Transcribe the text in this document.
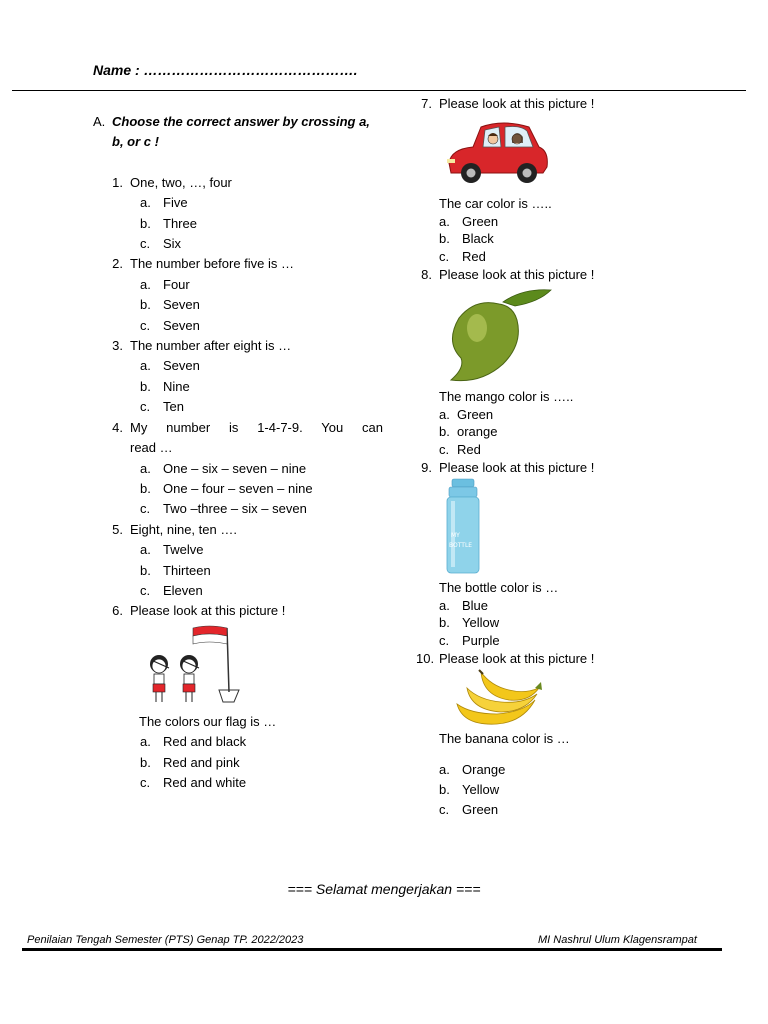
Name : ……………………………………….
A. Choose the correct answer by crossing a, b, or c !
1. One, two, …, four
a. Five
b. Three
c. Six
2. The number before five is …
a. Four
b. Seven
c. Seven
3. The number after eight is …
a. Seven
b. Nine
c. Ten
4. My number is 1-4-7-9. You can
read …
a. One – six – seven – nine
b. One – four – seven – nine
c. Two –three – six – seven
5. Eight, nine, ten ….
a. Twelve
b. Thirteen
c. Eleven
6. Please look at this picture !
The colors our flag is …
a. Red and black
b. Red and pink
c. Red and white
7. Please look at this picture !
The car color is …..
a. Green
b. Black
c. Red
8. Please look at this picture !
The mango color is …..
a. Green
b. orange
c. Red
9. Please look at this picture !
MY
BOTTLE
The bottle color is …
a. Blue
b. Yellow
c. Purple
10. Please look at this picture !
The banana color is …
a. Orange
b. Yellow
c. Green
=== Selamat mengerjakan ===
Penilaian Tengah Semester (PTS) Genap TP. 2022/2023	MI Nashrul Ulum Klagensrampat
